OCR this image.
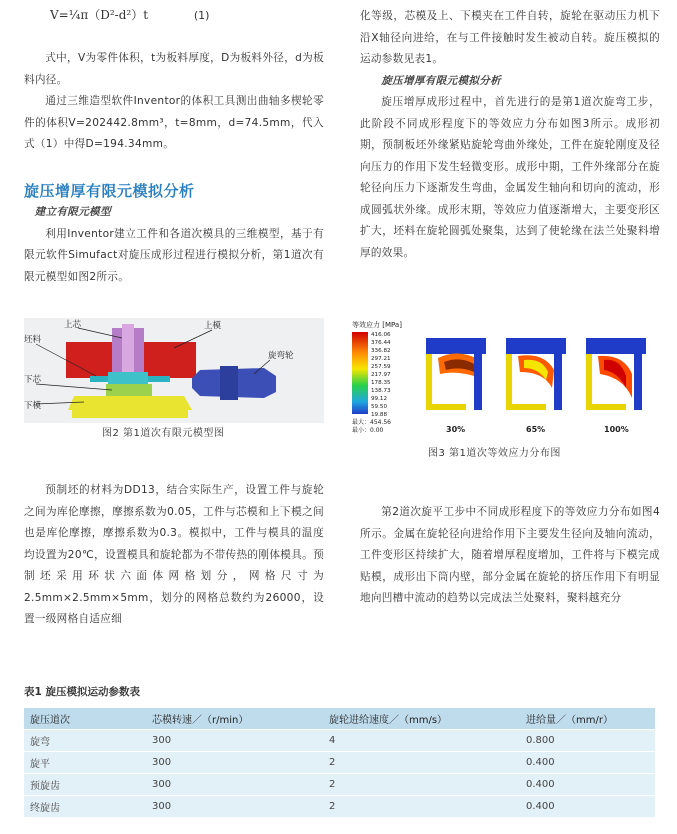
V=¼π（D²-d²）t	(1)

式中，V为零件体积，t为板料厚度，D为板料外径，d为板料内径。

通过三维造型软件Inventor的体积工具测出曲轴多楔轮零件的体积V=202442.8mm³，t=8mm，d=74.5mm，代入式（1）中得D=194.34mm。

旋压增厚有限元模拟分析

建立有限元模型

利用Inventor建立工件和各道次模具的三维模型，基于有限元软件Simufact对旋压成形过程进行模拟分析，第1道次有限元模型如图2所示。

化等级，芯模及上、下模夹在工件自转，旋轮在驱动压力机下沿X轴径向进给，在与工件接触时发生被动自转。旋压模拟的运动参数见表1。

旋压增厚有限元模拟分析

旋压增厚成形过程中，首先进行的是第1道次旋弯工步，此阶段不同成形程度下的等效应力分布如图3所示。成形初期，预制板坯外缘紧贴旋轮弯曲外缘处，工件在旋轮刚度及径向压力的作用下发生轻微变形。成形中期，工件外缘部分在旋轮径向压力下逐渐发生弯曲，金属发生轴向和切向的流动，形成圆弧状外缘。成形末期，等效应力值逐渐增大，主要变形区扩大，坯料在旋轮圆弧处聚集，达到了使轮缘在法兰处聚料增厚的效果。

上芯	上模
坯料
旋弯轮
下芯
下模
图2 第1道次有限元模型图
等效应力 [MPa]
416.06
376.44
336.82
297.21
257.59
217.97
178.35
138.73
99.12
59.50
19.88
最大： 454.56
最小： 0.00	30%	65%	100%
图3 第1道次等效应力分布图

预制坯的材料为DD13，结合实际生产，设置工件与旋轮之间为库伦摩擦，摩擦系数为0.05，工件与芯模和上下模之间也是库伦摩擦，摩擦系数为0.3。模拟中，工件与模具的温度均设置为20℃，设置模具和旋轮都为不带传热的刚体模具。预制坯采用环状六面体网格划分，网格尺寸为2.5mm×2.5mm×5mm，划分的网格总数约为26000，设置一级网格自适应细

第2道次旋平工步中不同成形程度下的等效应力分布如图4所示。金属在旋轮径向进给作用下主要发生径向及轴向流动，工件变形区持续扩大，随着增厚程度增加，工件将与下模完成贴模，成形出下筒内壁，部分金属在旋轮的挤压作用下有明显地向凹槽中流动的趋势以完成法兰处聚料，聚料越充分

表1 旋压模拟运动参数表
旋压道次	芯模转速／（r/min）	旋轮进给速度／（mm/s）	进给量／（mm/r）
旋弯	300	4	0.800
旋平	300	2	0.400
预旋齿	300	2	0.400
终旋齿	300	2	0.400
